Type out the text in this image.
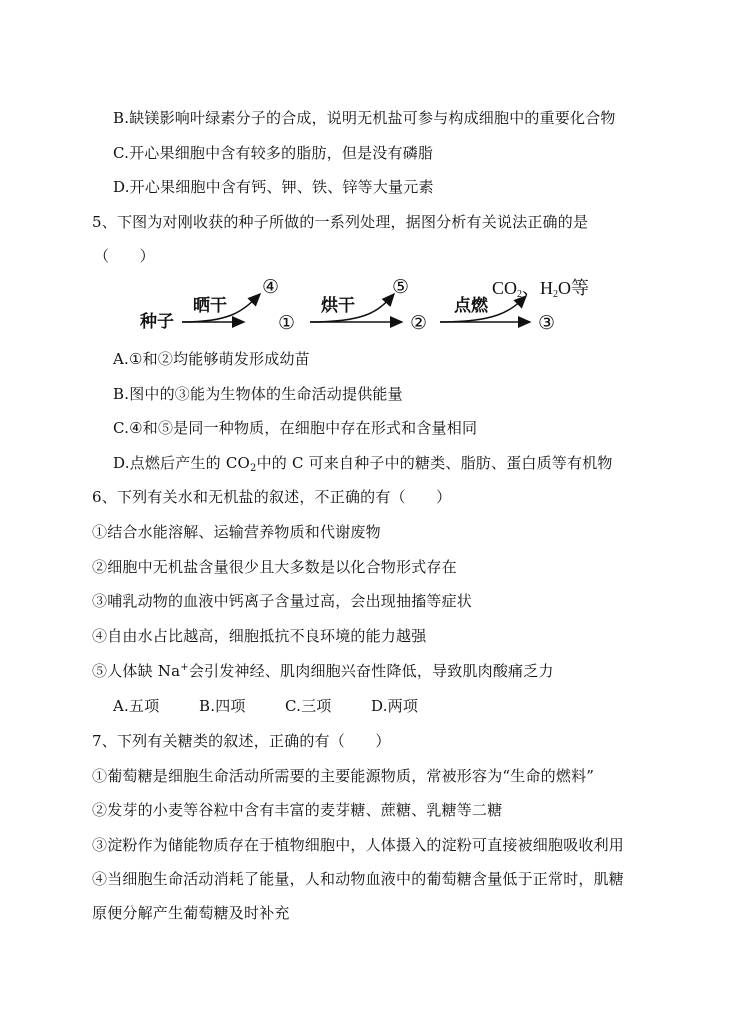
B.缺镁影响叶绿素分子的合成，说明无机盐可参与构成细胞中的重要化合物
C.开心果细胞中含有较多的脂肪，但是没有磷脂
D.开心果细胞中含有钙、钾、铁、锌等大量元素
5、下图为对刚收获的种子所做的一系列处理，据图分析有关说法正确的是
（　　）
种子
晒干
④
①
烘干
⑤
②
点燃
CO2、H2O等
③
A.①和②均能够萌发形成幼苗
B.图中的③能为生物体的生命活动提供能量
C.④和⑤是同一种物质，在细胞中存在形式和含量相同
D.点燃后产生的 $CO_2$中的 C 可来自种子中的糖类、脂肪、蛋白质等有机物
6、下列有关水和无机盐的叙述，不正确的有（　　）
①结合水能溶解、运输营养物质和代谢废物
②细胞中无机盐含量很少且大多数是以化合物形式存在
③哺乳动物的血液中钙离子含量过高，会出现抽搐等症状
④自由水占比越高，细胞抵抗不良环境的能力越强
⑤人体缺 Na+会引发神经、肌肉细胞兴奋性降低，导致肌肉酸痛乏力
A.五项	B.四项	C.三项	D.两项
7、下列有关糖类的叙述，正确的有（　　）
①葡萄糖是细胞生命活动所需要的主要能源物质，常被形容为“生命的燃料”
②发芽的小麦等谷粒中含有丰富的麦芽糖、蔗糖、乳糖等二糖
③淀粉作为储能物质存在于植物细胞中，人体摄入的淀粉可直接被细胞吸收利用
④当细胞生命活动消耗了能量，人和动物血液中的葡萄糖含量低于正常时，肌糖
原便分解产生葡萄糖及时补充
